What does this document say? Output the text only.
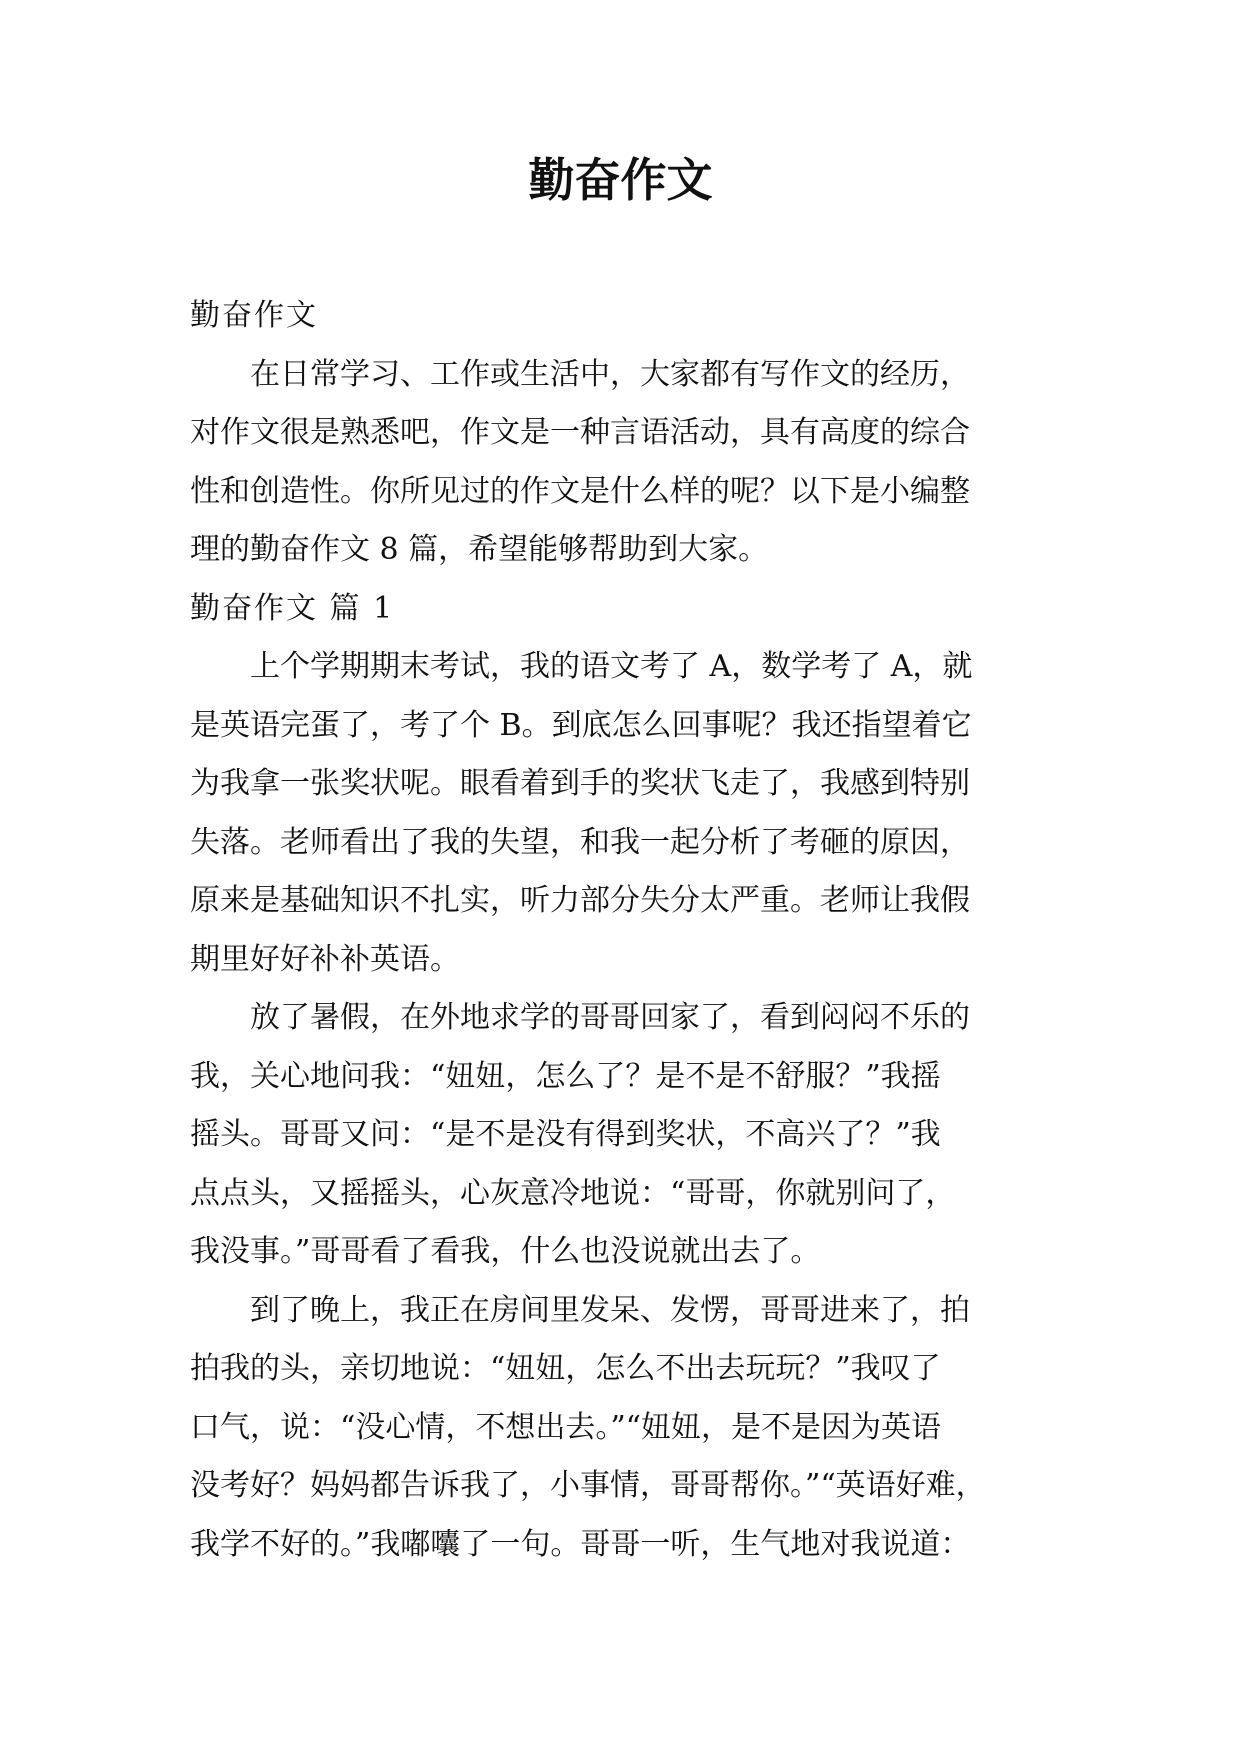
勤奋作文
勤奋作文
　　在日常学习、工作或生活中，大家都有写作文的经历，
对作文很是熟悉吧，作文是一种言语活动，具有高度的综合
性和创造性。你所见过的作文是什么样的呢？以下是小编整
理的勤奋作文 8 篇，希望能够帮助到大家。
勤奋作文 篇 1
　　上个学期期末考试，我的语文考了 A，数学考了 A，就
是英语完蛋了，考了个 B。到底怎么回事呢？我还指望着它
为我拿一张奖状呢。眼看着到手的奖状飞走了，我感到特别
失落。老师看出了我的失望，和我一起分析了考砸的原因，
原来是基础知识不扎实，听力部分失分太严重。老师让我假
期里好好补补英语。
　　放了暑假，在外地求学的哥哥回家了，看到闷闷不乐的
我，关心地问我：“妞妞，怎么了？是不是不舒服？”我摇
摇头。哥哥又问：“是不是没有得到奖状，不高兴了？”我
点点头，又摇摇头，心灰意冷地说：“哥哥，你就别问了，
我没事。”哥哥看了看我，什么也没说就出去了。
　　到了晚上，我正在房间里发呆、发愣，哥哥进来了，拍
拍我的头，亲切地说：“妞妞，怎么不出去玩玩？”我叹了
口气，说：“没心情，不想出去。”“妞妞，是不是因为英语
没考好？妈妈都告诉我了，小事情，哥哥帮你。”“英语好难，
我学不好的。”我嘟囔了一句。哥哥一听，生气地对我说道：
